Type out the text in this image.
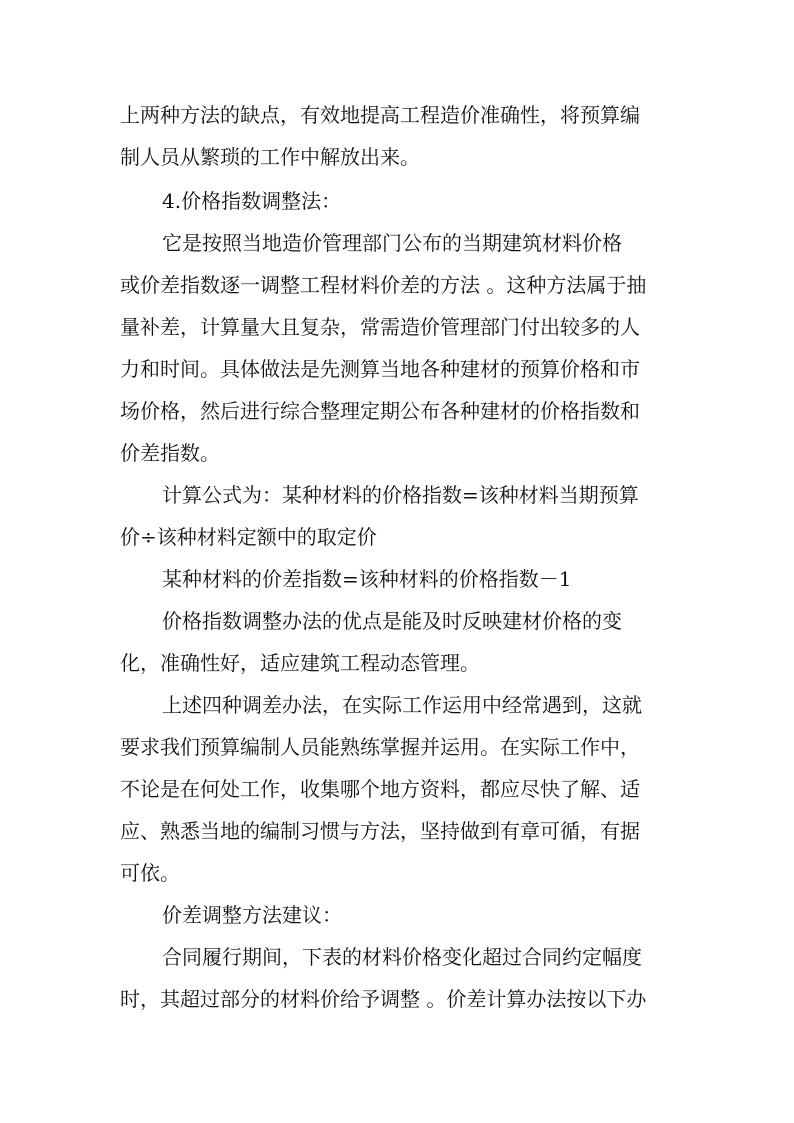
上两种方法的缺点，有效地提高工程造价准确性，将预算编
制人员从繁琐的工作中解放出来。
4.价格指数调整法：
它是按照当地造价管理部门公布的当期建筑材料价格
或价差指数逐一调整工程材料价差的方法 。这种方法属于抽
量补差，计算量大且复杂，常需造价管理部门付出较多的人
力和时间。具体做法是先测算当地各种建材的预算价格和市
场价格，然后进行综合整理定期公布各种建材的价格指数和
价差指数。
计算公式为：某种材料的价格指数=该种材料当期预算
价÷该种材料定额中的取定价
某种材料的价差指数=该种材料的价格指数－1
价格指数调整办法的优点是能及时反映建材价格的变
化，准确性好，适应建筑工程动态管理。
上述四种调差办法，在实际工作运用中经常遇到，这就
要求我们预算编制人员能熟练掌握并运用。在实际工作中，
不论是在何处工作，收集哪个地方资料，都应尽快了解、适
应、熟悉当地的编制习惯与方法，坚持做到有章可循，有据
可依。
价差调整方法建议：
合同履行期间，下表的材料价格变化超过合同约定幅度
时，其超过部分的材料价给予调整 。价差计算办法按以下办
